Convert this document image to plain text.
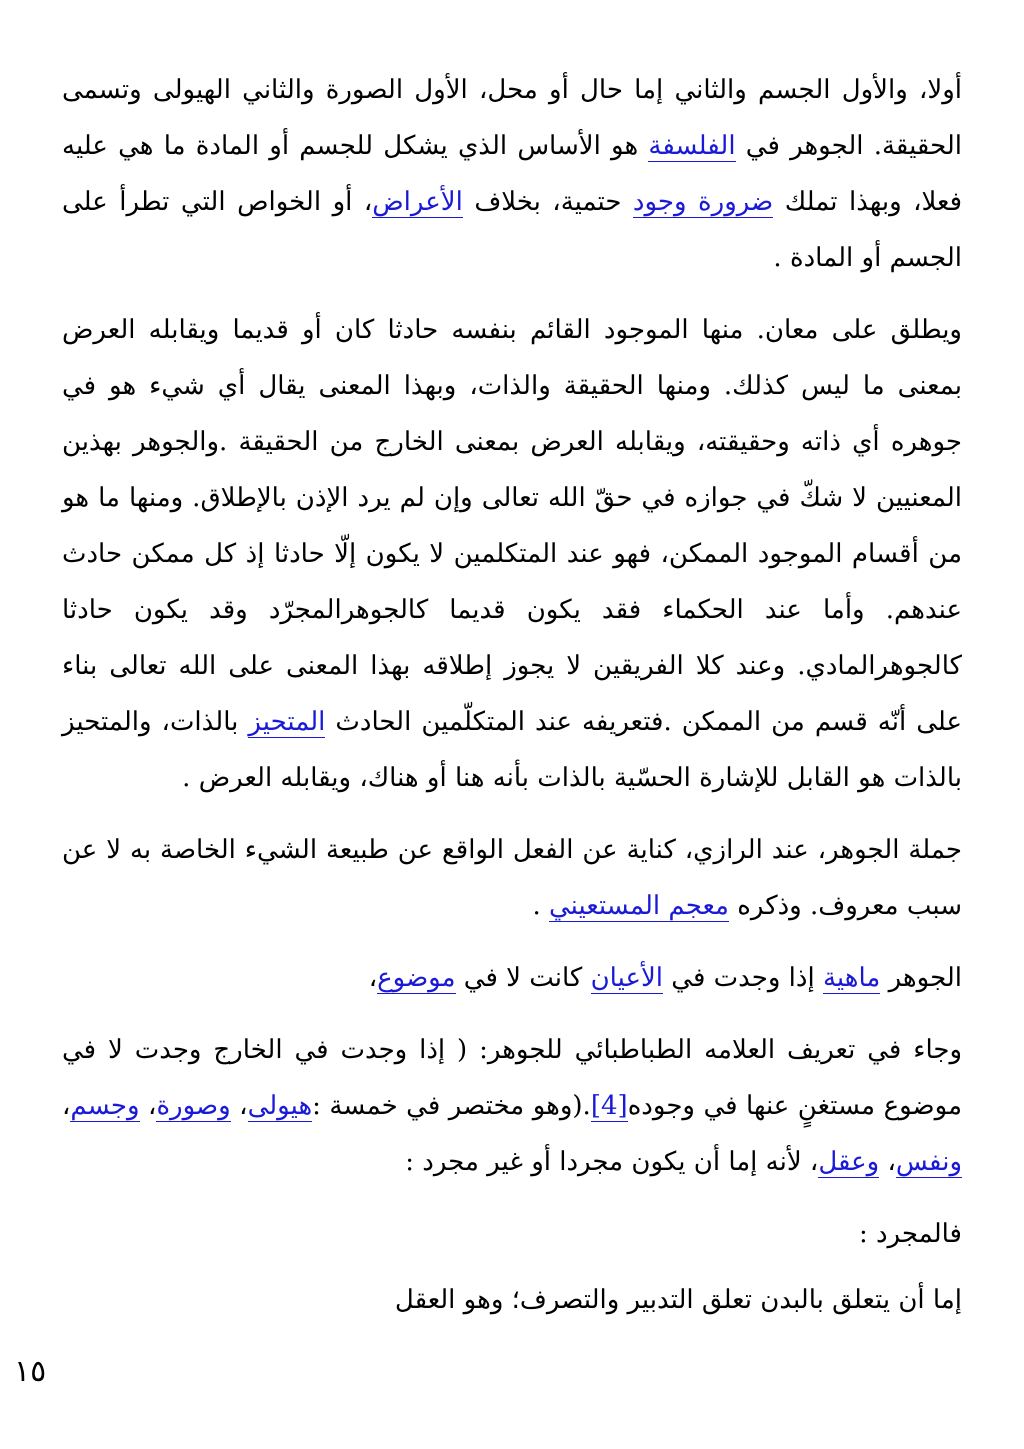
أولا، والأول الجسم والثاني إما حال أو محل، الأول الصورة والثاني الهيولى وتسمى الحقيقة. الجوهر في الفلسفة هو الأساس الذي يشكل للجسم أو المادة ما هي عليه فعلا، وبهذا تملك ضرورة وجود حتمية، بخلاف الأعراض، أو الخواص التي تطرأ على الجسم أو المادة .

ويطلق على معان. منها الموجود القائم بنفسه حادثا كان أو قديما ويقابله العرض بمعنى ما ليس كذلك. ومنها الحقيقة والذات، وبهذا المعنى يقال أي شيء هو في جوهره أي ذاته وحقيقته، ويقابله العرض بمعنى الخارج من الحقيقة .والجوهر بهذين المعنيين لا شكّ في جوازه في حقّ الله تعالى وإن لم يرد الإذن بالإطلاق. ومنها ما هو من أقسام الموجود الممكن، فهو عند المتكلمين لا يكون إلّا حادثا إذ كل ممكن حادث عندهم. وأما عند الحكماء فقد يكون قديما كالجوهرالمجرّد وقد يكون حادثا كالجوهرالمادي. وعند كلا الفريقين لا يجوز إطلاقه بهذا المعنى على الله تعالى بناء على أنّه قسم من الممكن .فتعريفه عند المتكلّمين الحادث المتحيز بالذات، والمتحيز بالذات هو القابل للإشارة الحسّية بالذات بأنه هنا أو هناك، ويقابله العرض .

جملة الجوهر، عند الرازي، كناية عن الفعل الواقع عن طبيعة الشيء الخاصة به لا عن سبب معروف. وذكره معجم المستعيني .

الجوهر ماهية إذا وجدت في الأعيان كانت لا في موضوع،

وجاء في تعريف العلامه الطباطبائي للجوهر: ( إذا وجدت في الخارج وجدت لا في موضوع مستغنٍ عنها في وجوده[4].(وهو مختصر في خمسة :هيولى، وصورة، وجسم، ونفس، وعقل، لأنه إما أن يكون مجردا أو غير مجرد :

فالمجرد :

إما أن يتعلق بالبدن تعلق التدبير والتصرف؛ وهو العقل

١٥
